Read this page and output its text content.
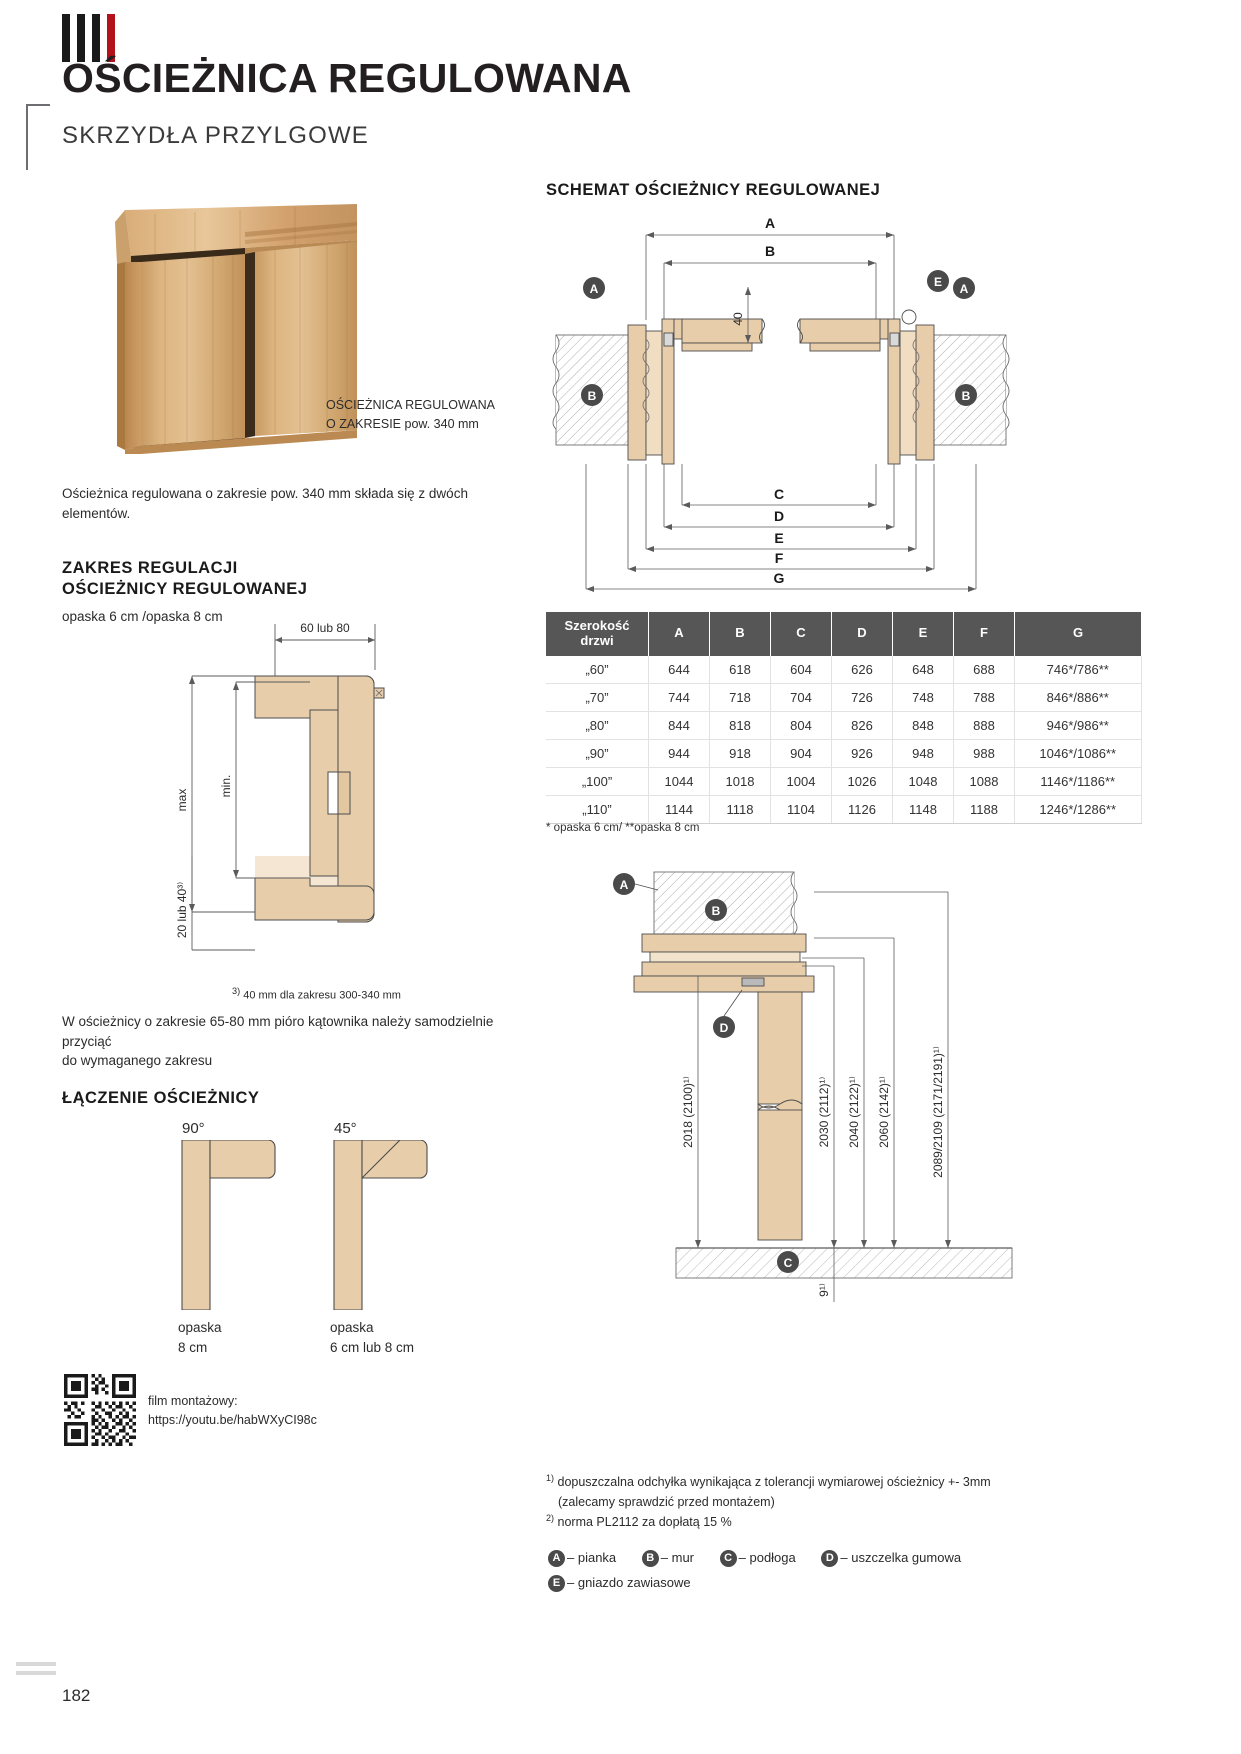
OŚCIEŻNICA REGULOWANA
SKRZYDŁA PRZYLGOWE
OŚCIEŻNICA REGULOWANA
O ZAKRESIE pow. 340 mm
Ościeżnica regulowana o zakresie pow. 340 mm składa się z dwóch elementów.
ZAKRES REGULACJI
OŚCIEŻNICY REGULOWANEJ
opaska 6 cm /opaska 8 cm
60 lub 80
max
min.
20 lub 40³⁾
$^{3)}$ 40 mm dla zakresu 300-340 mm
W ościeżnicy o zakresie 65-80 mm pióro kątownika należy samodzielnie przyciąć
do wymaganego zakresu
ŁĄCZENIE OŚCIEŻNICY
90°	45°
opaska
8 cm
opaska
6 cm lub 8 cm
film montażowy:
https://youtu.be/habWXyCI98c
SCHEMAT OŚCIEŻNICY REGULOWANEJ
A
B
40
A	A
E
B	B
C
D
E
F
G
Szerokość drzwi	A	B	C	D	E	F	G
„60”	644	618	604	626	648	688	746*/786**
„70”	744	718	704	726	748	788	846*/886**
„80”	844	818	804	826	848	888	946*/986**
„90”	944	918	904	926	948	988	1046*/1086**
„100”	1044	1018	1004	1026	1048	1088	1146*/1186**
„110”	1144	1118	1104	1126	1148	1188	1246*/1286**
* opaska 6 cm/ **opaska 8 cm
2018 (2100)¹⁾	2030 (2112)¹⁾ 2040 (2122)¹⁾ 2060 (2142)¹⁾	2089/2109 (2171/2191)¹⁾
9¹⁾
A
B
D
C
$^{1)}$ dopuszczalna odchyłka wynikająca z tolerancji wymiarowej ościeżnicy +- 3mm
(zalecamy sprawdzić przed montażem)
$^{2)}$ norma PL2112 za dopłatą 15 %
A – pianka	B – mur	C – podłoga	D – uszczelka gumowa
E – gniazdo zawiasowe
182
